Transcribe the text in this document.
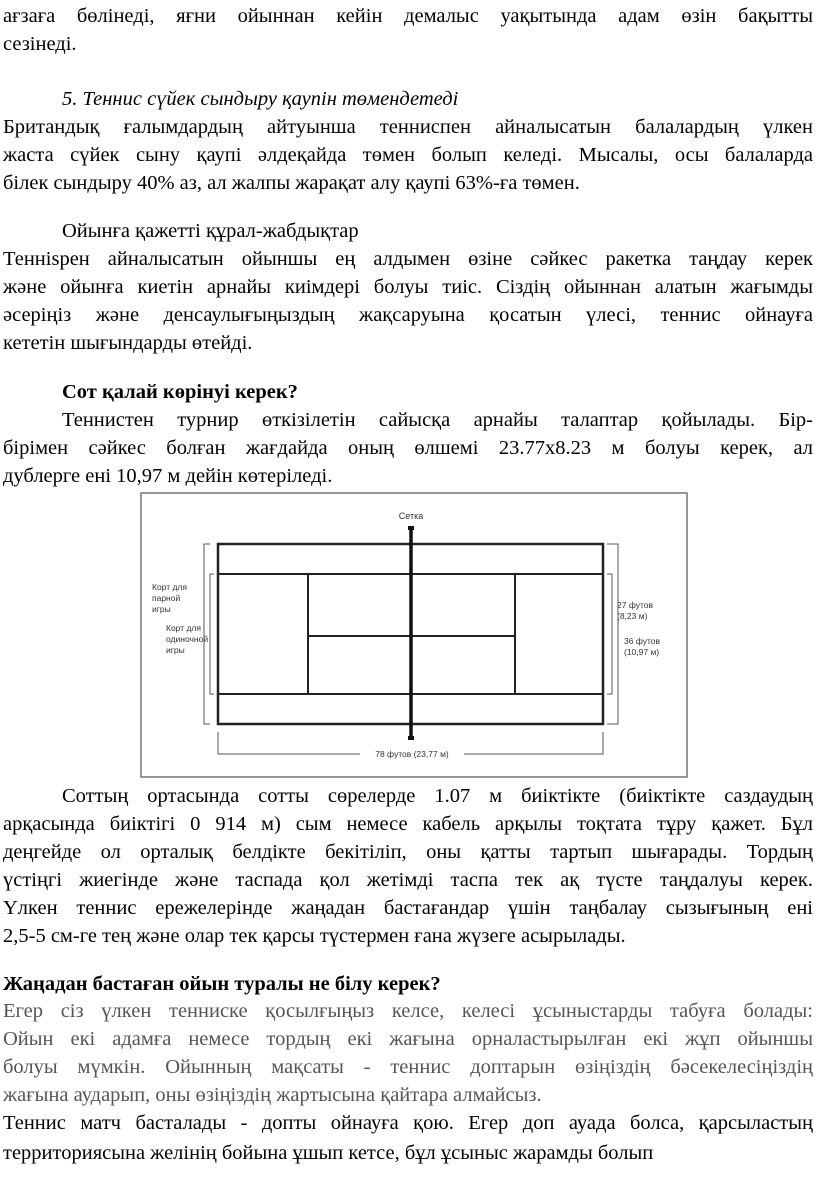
ағзаға бөлінеді, яғни ойыннан кейін демалыс уақытында адам өзін бақытты
сезінеді.
5. Теннис сүйек сындыру қаупін төмендетеді
Британдық ғалымдардың айтуынша тенниспен айналысатын балалардың үлкен
жаста сүйек сыну қаупі әлдеқайда төмен болып келеді. Мысалы, осы балаларда
білек сындыру 40% аз, ал жалпы жарақат алу қаупі 63%-ға төмен.
Ойынға қажетті құрал-жабдықтар
Теннispен айналысатын ойыншы ең алдымен өзіне сәйкес ракетка таңдау керек
және ойынға киетін арнайы киімдері болуы тиіс. Сіздің ойыннан алатын жағымды
әсеріңіз және денсаулығыңыздың жақсаруына қосатын үлесі, теннис ойнауға
кететін шығындарды өтейді.
Сот қалай көрінуі керек?
Теннистен турнир өткізілетін сайысқа арнайы талаптар қойылады. Бір-
бірімен сәйкес болған жағдайда оның өлшемі 23.77х8.23 м болуы керек, ал
дублерге ені 10,97 м дейін көтеріледі.
Сетка
Корт для
парной
игры
Корт для
одиночной
игры
27 футов
(8,23 м)
36 футов
(10,97 м)
78 футов (23,77 м)
Соттың ортасында сотты сөрелерде 1.07 м биіктікте (биіктікте саздаудың
арқасында биіктігі 0 914 м) сым немесе кабель арқылы тоқтата тұру қажет. Бұл
деңгейде ол орталық белдікте бекітіліп, оны қатты тартып шығарады. Тордың
үстіңгі жиегінде және таспада қол жетімді таспа тек ақ түсте таңдалуы керек.
Үлкен теннис ережелерінде жаңадан бастағандар үшін таңбалау сызығының ені
2,5-5 см-ге тең және олар тек қарсы түстермен ғана жүзеге асырылады.
Жаңадан бастаған ойын туралы не білу керек?
Егер сіз үлкен тенниске қосылғыңыз келсе, келесі ұсыныстарды табуға болады:
Ойын екі адамға немесе тордың екі жағына орналастырылған екі жұп ойыншы
болуы мүмкін. Ойынның мақсаты - теннис доптарын өзіңіздің бәсекелесіңіздің
жағына аударып, оны өзіңіздің жартысына қайтара алмайсыз.
Теннис матч басталады - допты ойнауға қою. Егер доп ауада болса, қарсыластың
территориясына желінің бойына ұшып кетсе, бұл ұсыныс жарамды болып
